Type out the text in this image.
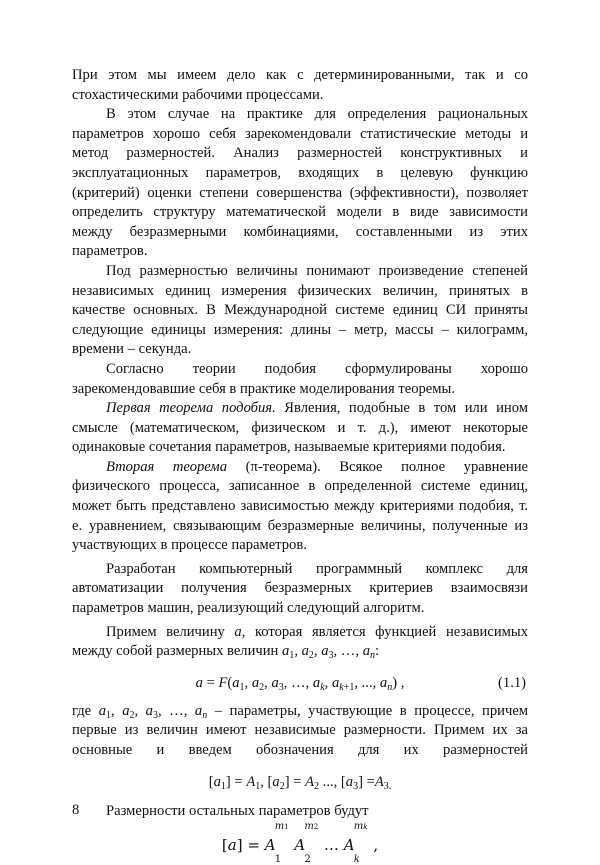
При этом мы имеем дело как с детерминированными, так и со стохастическими рабочими процессами.

В этом случае на практике для определения рациональных параметров хорошо себя зарекомендовали статистические методы и метод размерностей. Анализ размерностей конструктивных и эксплуатационных параметров, входящих в целевую функцию (критерий) оценки степени совершенства (эффективности), позволяет определить структуру математической модели в виде зависимости между безразмерными комбинациями, составленными из этих параметров.

Под размерностью величины понимают произведение степеней независимых единиц измерения физических величин, принятых в качестве основных. В Международной системе единиц СИ приняты следующие единицы измерения: длины – метр, массы – килограмм, времени – секунда.

Согласно теории подобия сформулированы хорошо зарекомендовавшие себя в практике моделирования теоремы.

Первая теорема подобия. Явления, подобные в том или ином смысле (математическом, физическом и т. д.), имеют некоторые одинаковые сочетания параметров, называемые критериями подобия.

Вторая теорема (π-теорема). Всякое полное уравнение физического процесса, записанное в определенной системе единиц, может быть представлено зависимостью между критериями подобия, т. е. уравнением, связывающим безразмерные величины, полученные из участвующих в процессе параметров.

Разработан компьютерный программный комплекс для автоматизации получения безразмерных критериев взаимосвязи параметров машин, реализующий следующий алгоритм.

Примем величину a, которая является функцией независимых между собой размерных величин $a_1$, $a_2$, $a_3$, …, $a_n$:

$a = F(a_1$, $a_2$, $a_3$, …, $a_k$, $a_{k+1}$, ..., $a_n$) ,	(1.1)

где $a_1$, $a_2$, $a_3$, …, $a_n$ – параметры, участвующие в процессе, причем первые из величин имеют независимые размерности. Примем их за основные и введем обозначения для их размерностей

$[a_1] = A_1$, $[a_2] = A_2$ ..., $[a_3] =A_{3.}$

Размерности остальных параметров будут

[a] = A
1
m1
A
2
m2
… A
k
mk
,
8
